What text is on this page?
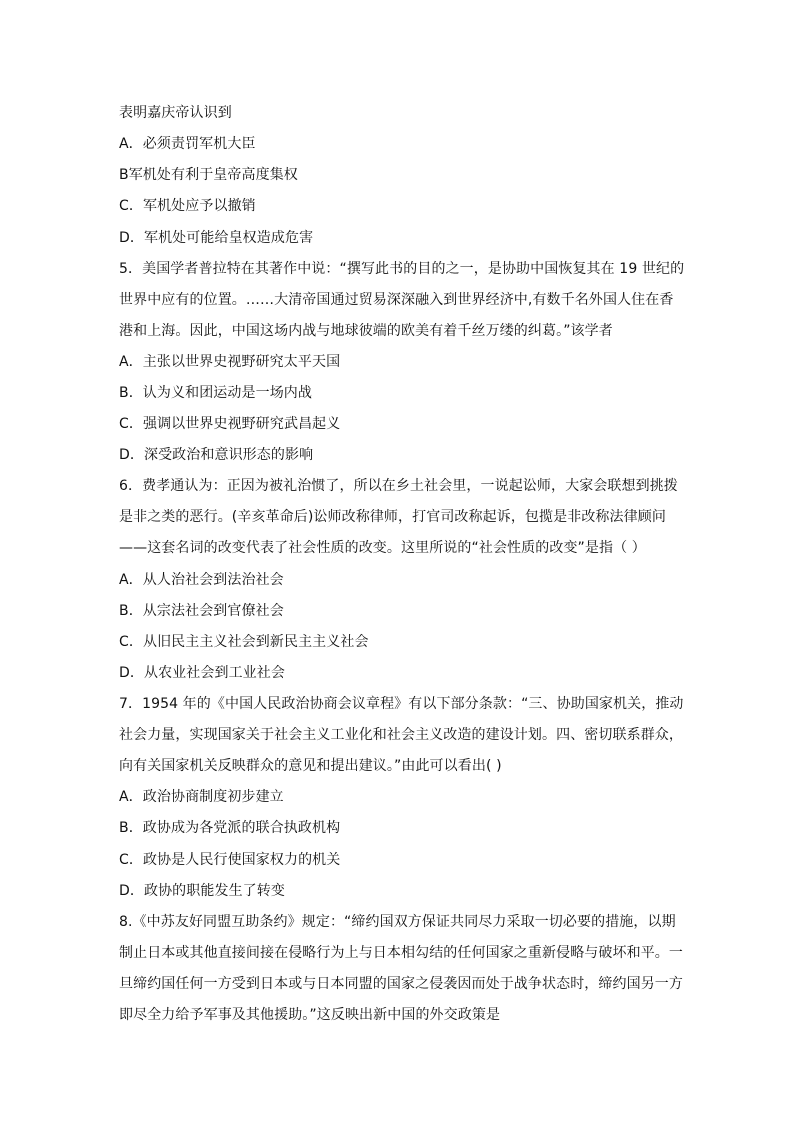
表明嘉庆帝认识到

A．必须责罚军机大臣

B军机处有利于皇帝高度集权

C．军机处应予以撤销

D．军机处可能给皇权造成危害

5．美国学者普拉特在其著作中说：“撰写此书的目的之一，是协助中国恢复其在 19 世纪的

世界中应有的位置。……大清帝国通过贸易深深融入到世界经济中,有数千名外国人住在香

港和上海。因此，中国这场内战与地球彼端的欧美有着千丝万缕的纠葛。”该学者

A．主张以世界史视野研究太平天国

B．认为义和团运动是一场内战

C．强调以世界史视野研究武昌起义

D．深受政治和意识形态的影响

6．费孝通认为：正因为被礼治惯了，所以在乡土社会里，一说起讼师，大家会联想到挑拨

是非之类的恶行。(辛亥革命后)讼师改称律师，打官司改称起诉，包揽是非改称法律顾问

——这套名词的改变代表了社会性质的改变。这里所说的“社会性质的改变”是指（ ）

A．从人治社会到法治社会

B．从宗法社会到官僚社会

C．从旧民主主义社会到新民主主义社会

D．从农业社会到工业社会

7．1954 年的《中国人民政治协商会议章程》有以下部分条款：“三、协助国家机关，推动

社会力量，实现国家关于社会主义工业化和社会主义改造的建设计划。四、密切联系群众，

向有关国家机关反映群众的意见和提出建议。”由此可以看出( )

A．政治协商制度初步建立

B．政协成为各党派的联合执政机构

C．政协是人民行使国家权力的机关

D．政协的职能发生了转变

8.《中苏友好同盟互助条约》规定：“缔约国双方保证共同尽力采取一切必要的措施，以期

制止日本或其他直接间接在侵略行为上与日本相勾结的任何国家之重新侵略与破坏和平。一

旦缔约国任何一方受到日本或与日本同盟的国家之侵袭因而处于战争状态时，缔约国另一方

即尽全力给予军事及其他援助。”这反映出新中国的外交政策是
